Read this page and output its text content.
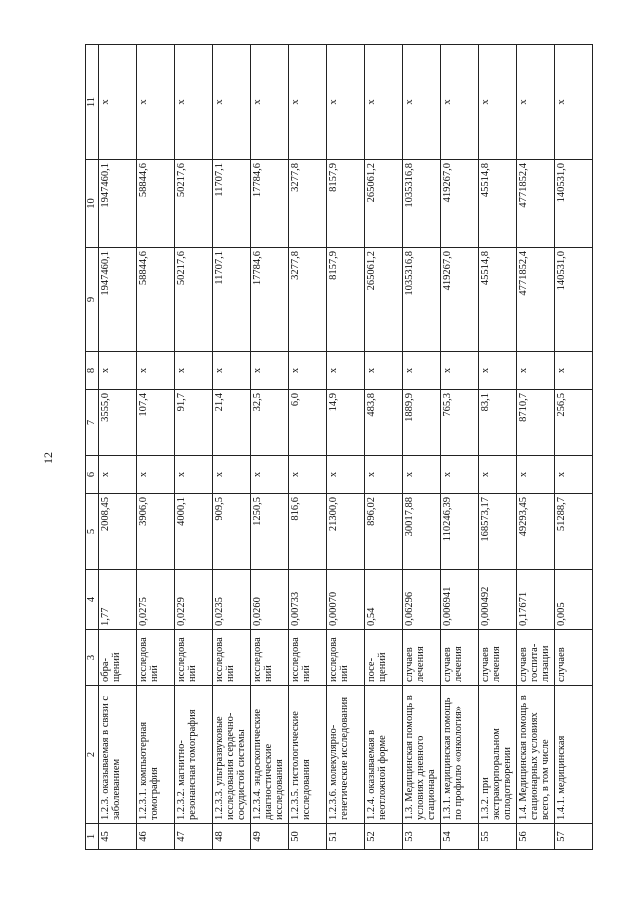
12
1	2	3	4	5	6	7	8	9	10	11
45	1.2.3. оказываемая в связи с заболеванием	обра-щений	1,77	2008,45	х	3555,0	х	1947460,1	1947460,1	х
46	1.2.3.1. компьютерная томография	исследова ний	0,0275	3906,0	х	107,4	х	58844,6	58844,6	х
47	1.2.3.2. магнитно-резонансная томография	исследова ний	0,0229	4000,1	х	91,7	х	50217,6	50217,6	х
48	1.2.3.3. ультразвуковые исследования сердечно-сосудистой системы	исследова ний	0,0235	909,5	х	21,4	х	11707,1	11707,1	х
49	1.2.3.4. эндоскопические диагностические исследования	исследова ний	0,0260	1250,5	х	32,5	х	17784,6	17784,6	х
50	1.2.3.5. гистологические исследования	исследова ний	0,00733	816,6	х	6,0	х	3277,8	3277,8	х
51	1.2.3.6. молекулярно-генетические исследования	исследова ний	0,00070	21300,0	х	14,9	х	8157,9	8157,9	х
52	1.2.4. оказываемая в неотложной форме	посе-щений	0,54	896,02	х	483,8	х	265061,2	265061,2	х
53	1.3. Медицинская помощь в условиях дневного стационара	случаев лечения	0,06296	30017,88	х	1889,9	х	1035316,8	1035316,8	х
54	1.3.1. медицинская помощь по профилю «онкология»	случаев лечения	0,006941	110246,39	х	765,3	х	419267,0	419267,0	х
55	1.3.2. при экстракорпоральном оплодотворении	случаев лечения	0,000492	168573,17	х	83,1	х	45514,8	45514,8	х
56	1.4. Медицинская помощь в стационарных условиях всего, в том числе	случаев госпита-лизации	0,17671	49293,45	х	8710,7	х	4771852,4	4771852,4	х
57	1.4.1. медицинская	случаев	0,005	51288,7	х	256,5	х	140531,0	140531,0	х
